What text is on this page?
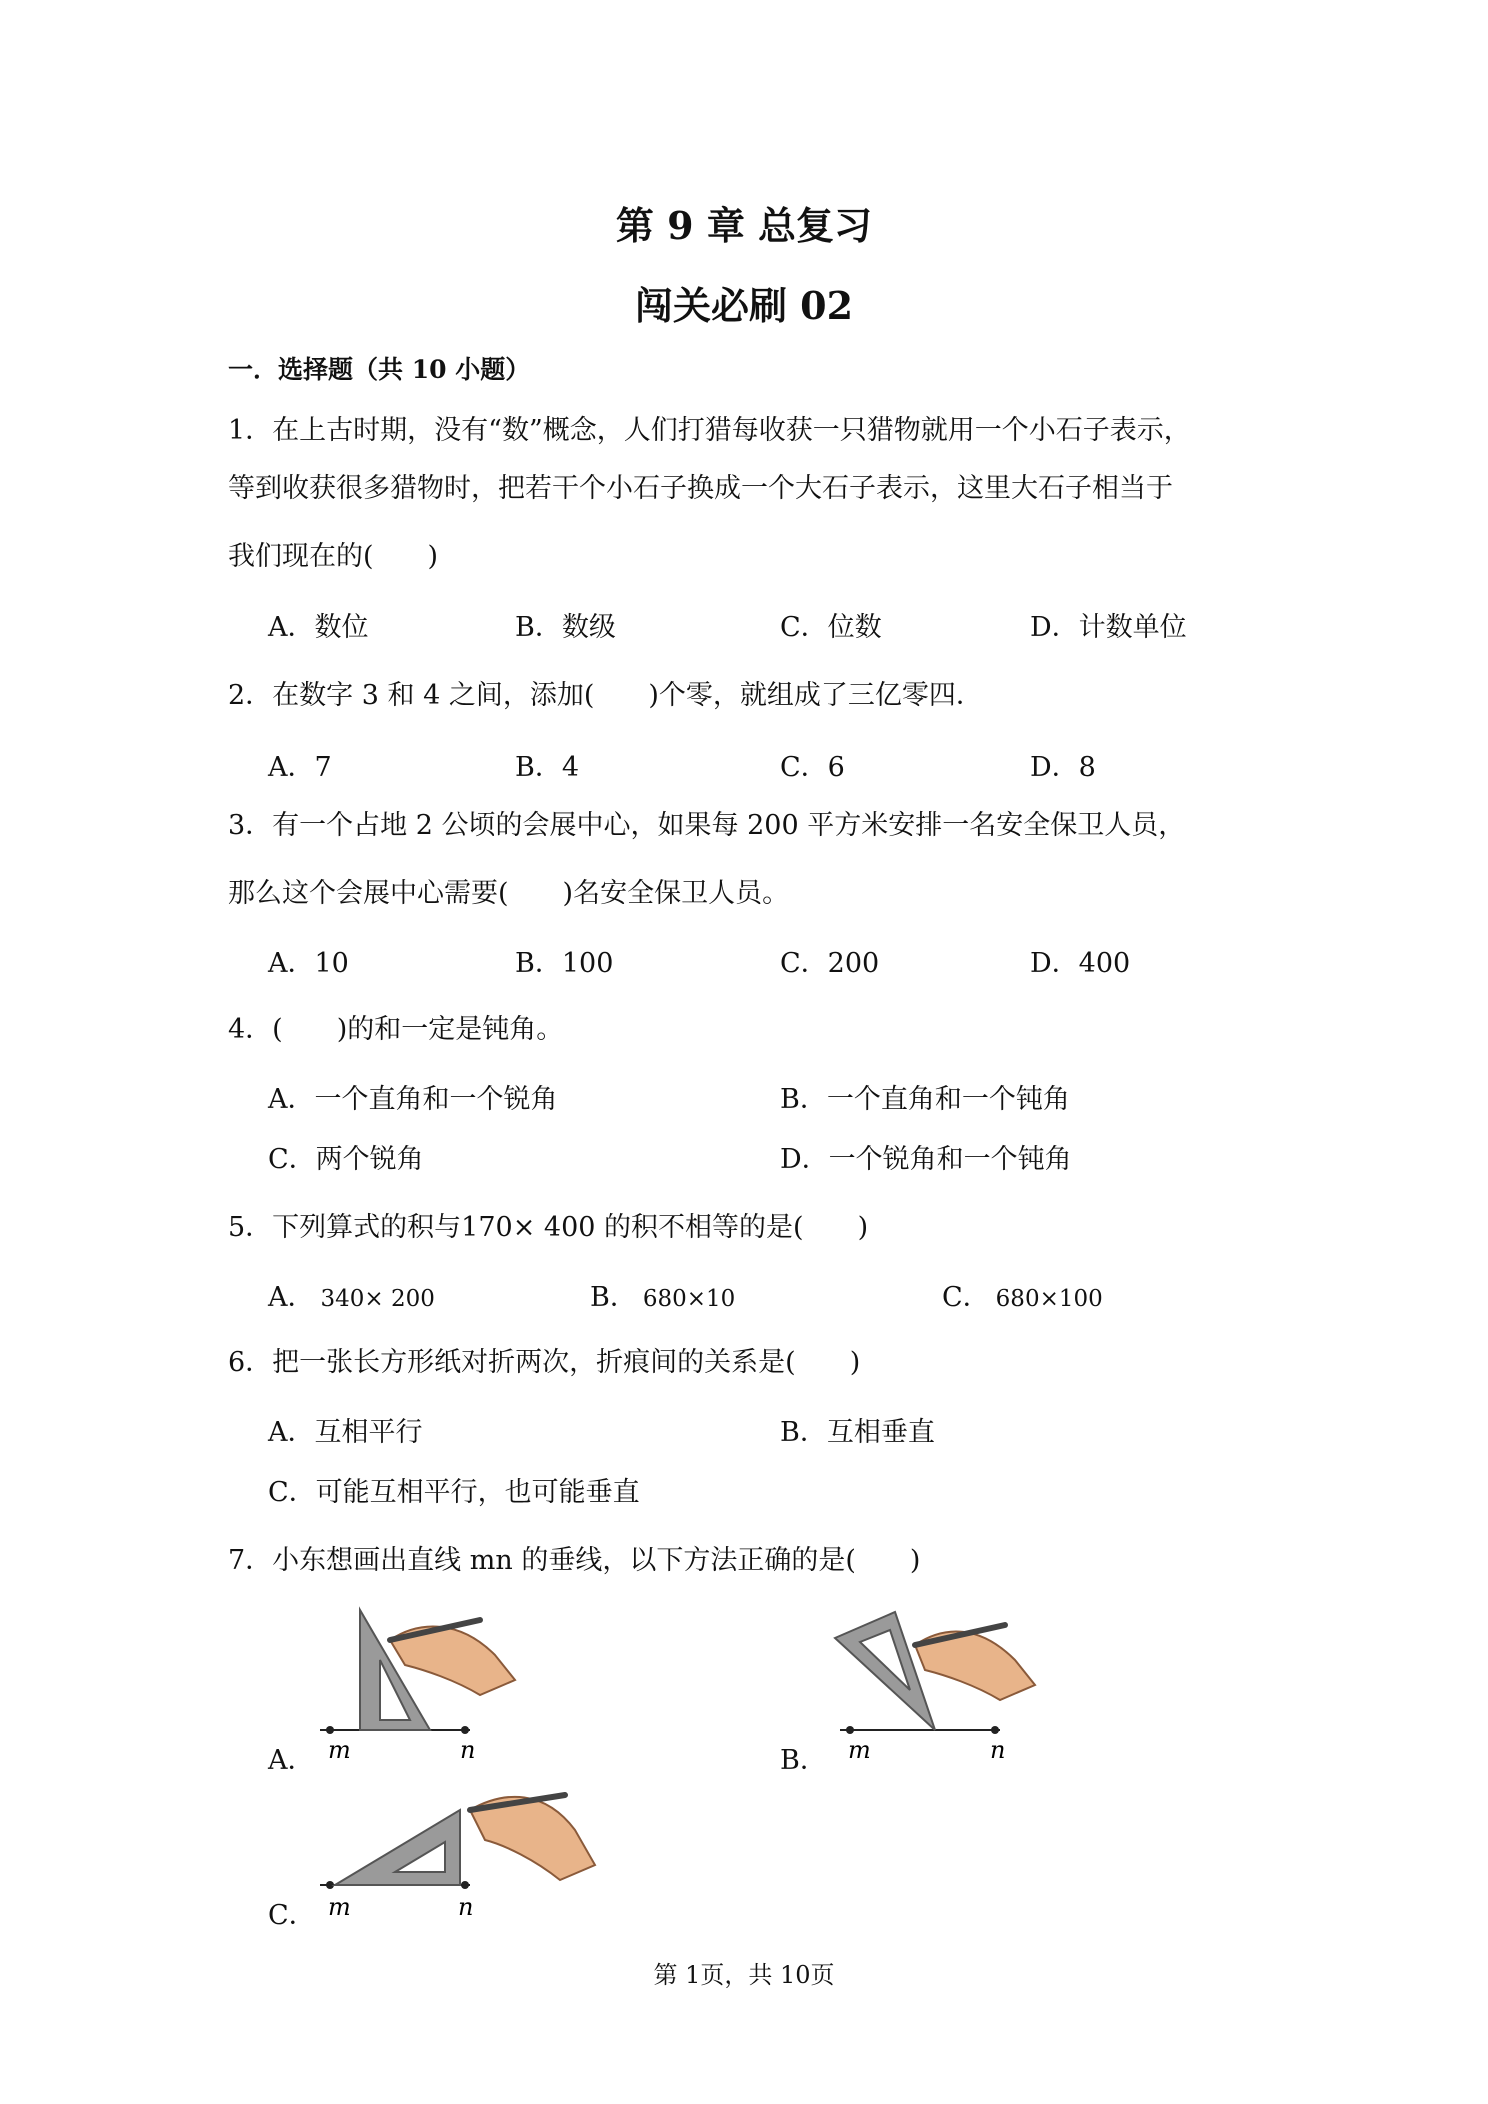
第 9 章 总复习
闯关必刷 02
一．选择题（共 10 小题）
1．在上古时期，没有“数”概念，人们打猎每收获一只猎物就用一个小石子表示，
等到收获很多猎物时，把若干个小石子换成一个大石子表示，这里大石子相当于
我们现在的(　　)
A．数位	B．数级	C．位数	D．计数单位
2．在数字 3 和 4 之间，添加(　　)个零，就组成了三亿零四．
A．7	B．4	C．6	D．8
3．有一个占地 2 公顷的会展中心，如果每 200 平方米安排一名安全保卫人员，
那么这个会展中心需要(　　)名安全保卫人员。
A．10	B．100	C．200	D．400
4．(　　)的和一定是钝角。
A．一个直角和一个锐角	B．一个直角和一个钝角
C．两个锐角	D．一个锐角和一个钝角
5．下列算式的积与170× 400 的积不相等的是(　　)
A． 340× 200	B． 680×10	C． 680×100
6．把一张长方形纸对折两次，折痕间的关系是(　　)
A．互相平行	B．互相垂直
C．可能互相平行，也可能垂直
7．小东想画出直线 mn 的垂线，以下方法正确的是(　　)
A． m	n	B． m	n
C． m	n
第 1页，共 10页
